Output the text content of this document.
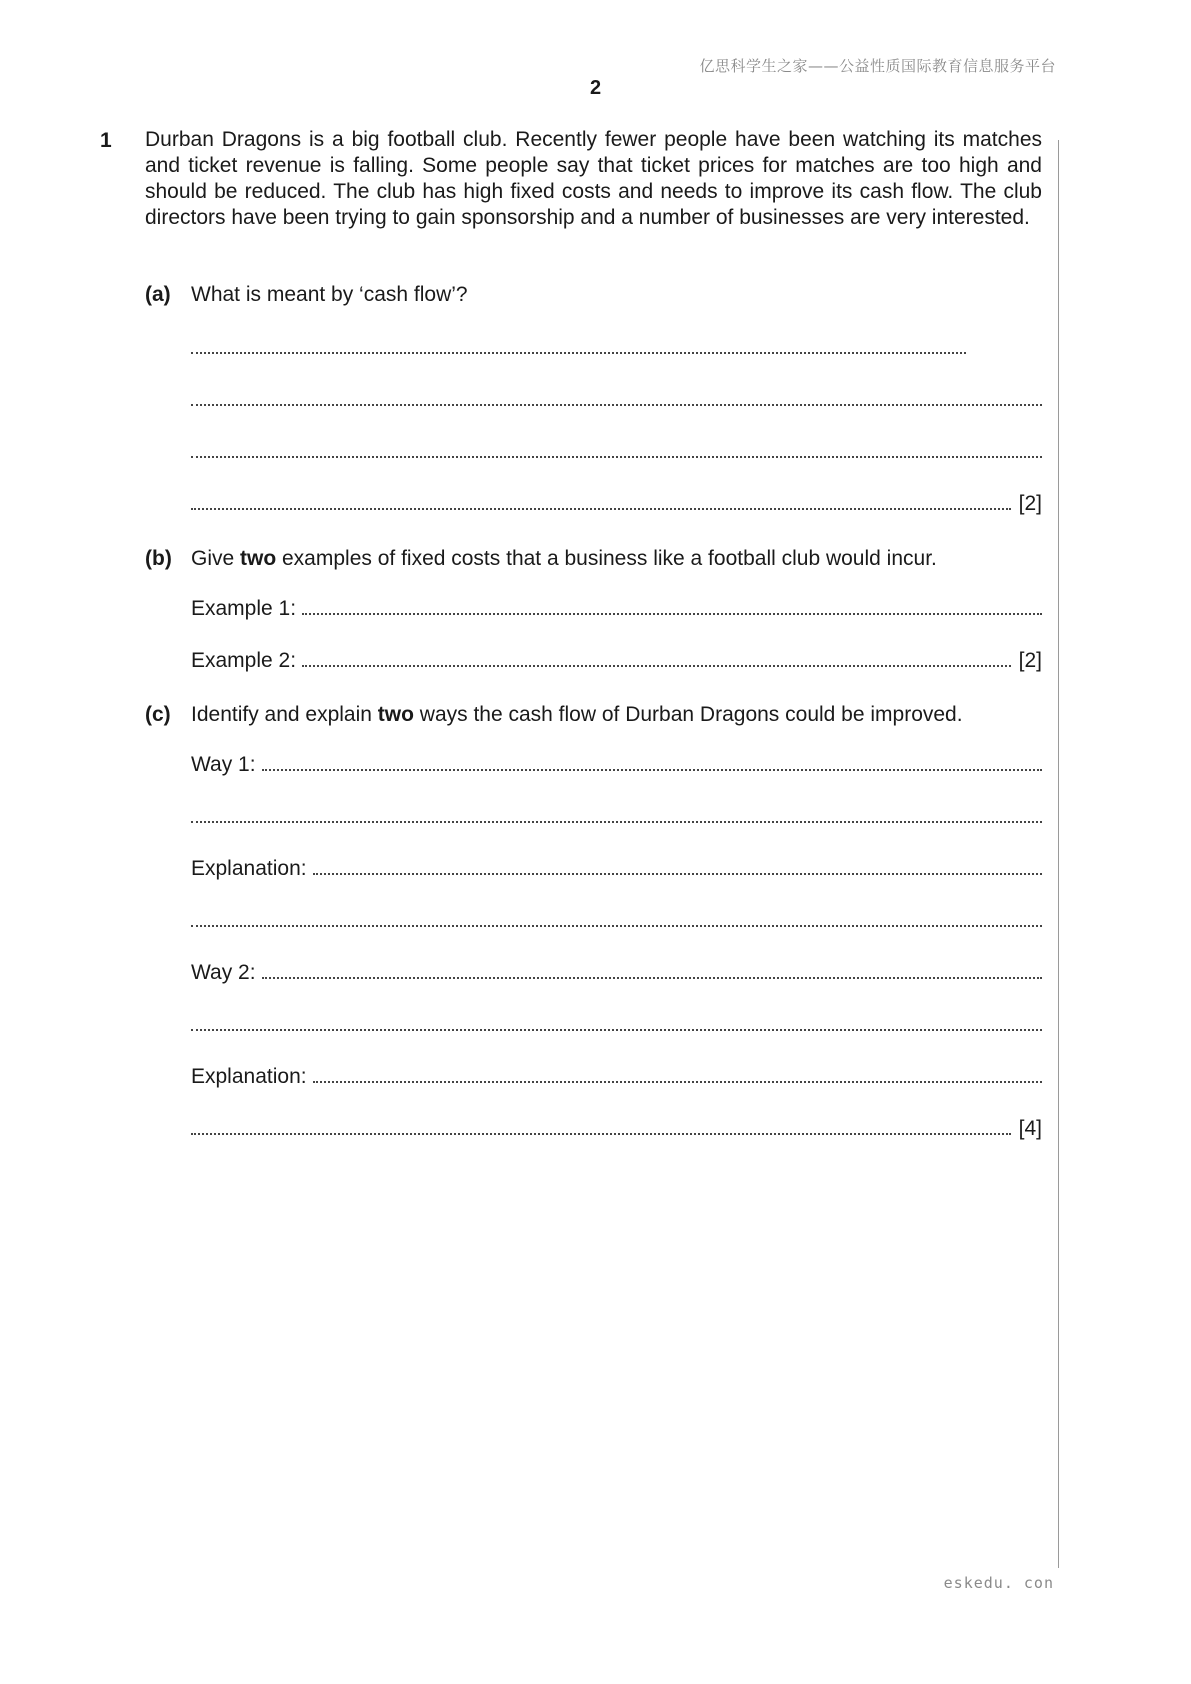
亿思科学生之家——公益性质国际教育信息服务平台
2
1 Durban Dragons is a big football club. Recently fewer people have been watching its matches and ticket revenue is falling. Some people say that ticket prices for matches are too high and should be reduced. The club has high fixed costs and needs to improve its cash flow. The club directors have been trying to gain sponsorship and a number of businesses are very interested.
(a) What is meant by ‘cash flow’?
[2]
(b) Give two examples of fixed costs that a business like a football club would incur.
Example 1:
Example 2:	[2]
(c) Identify and explain two ways the cash flow of Durban Dragons could be improved.
Way 1:
Explanation:
Way 2:
Explanation:
[4]
eskedu. con
